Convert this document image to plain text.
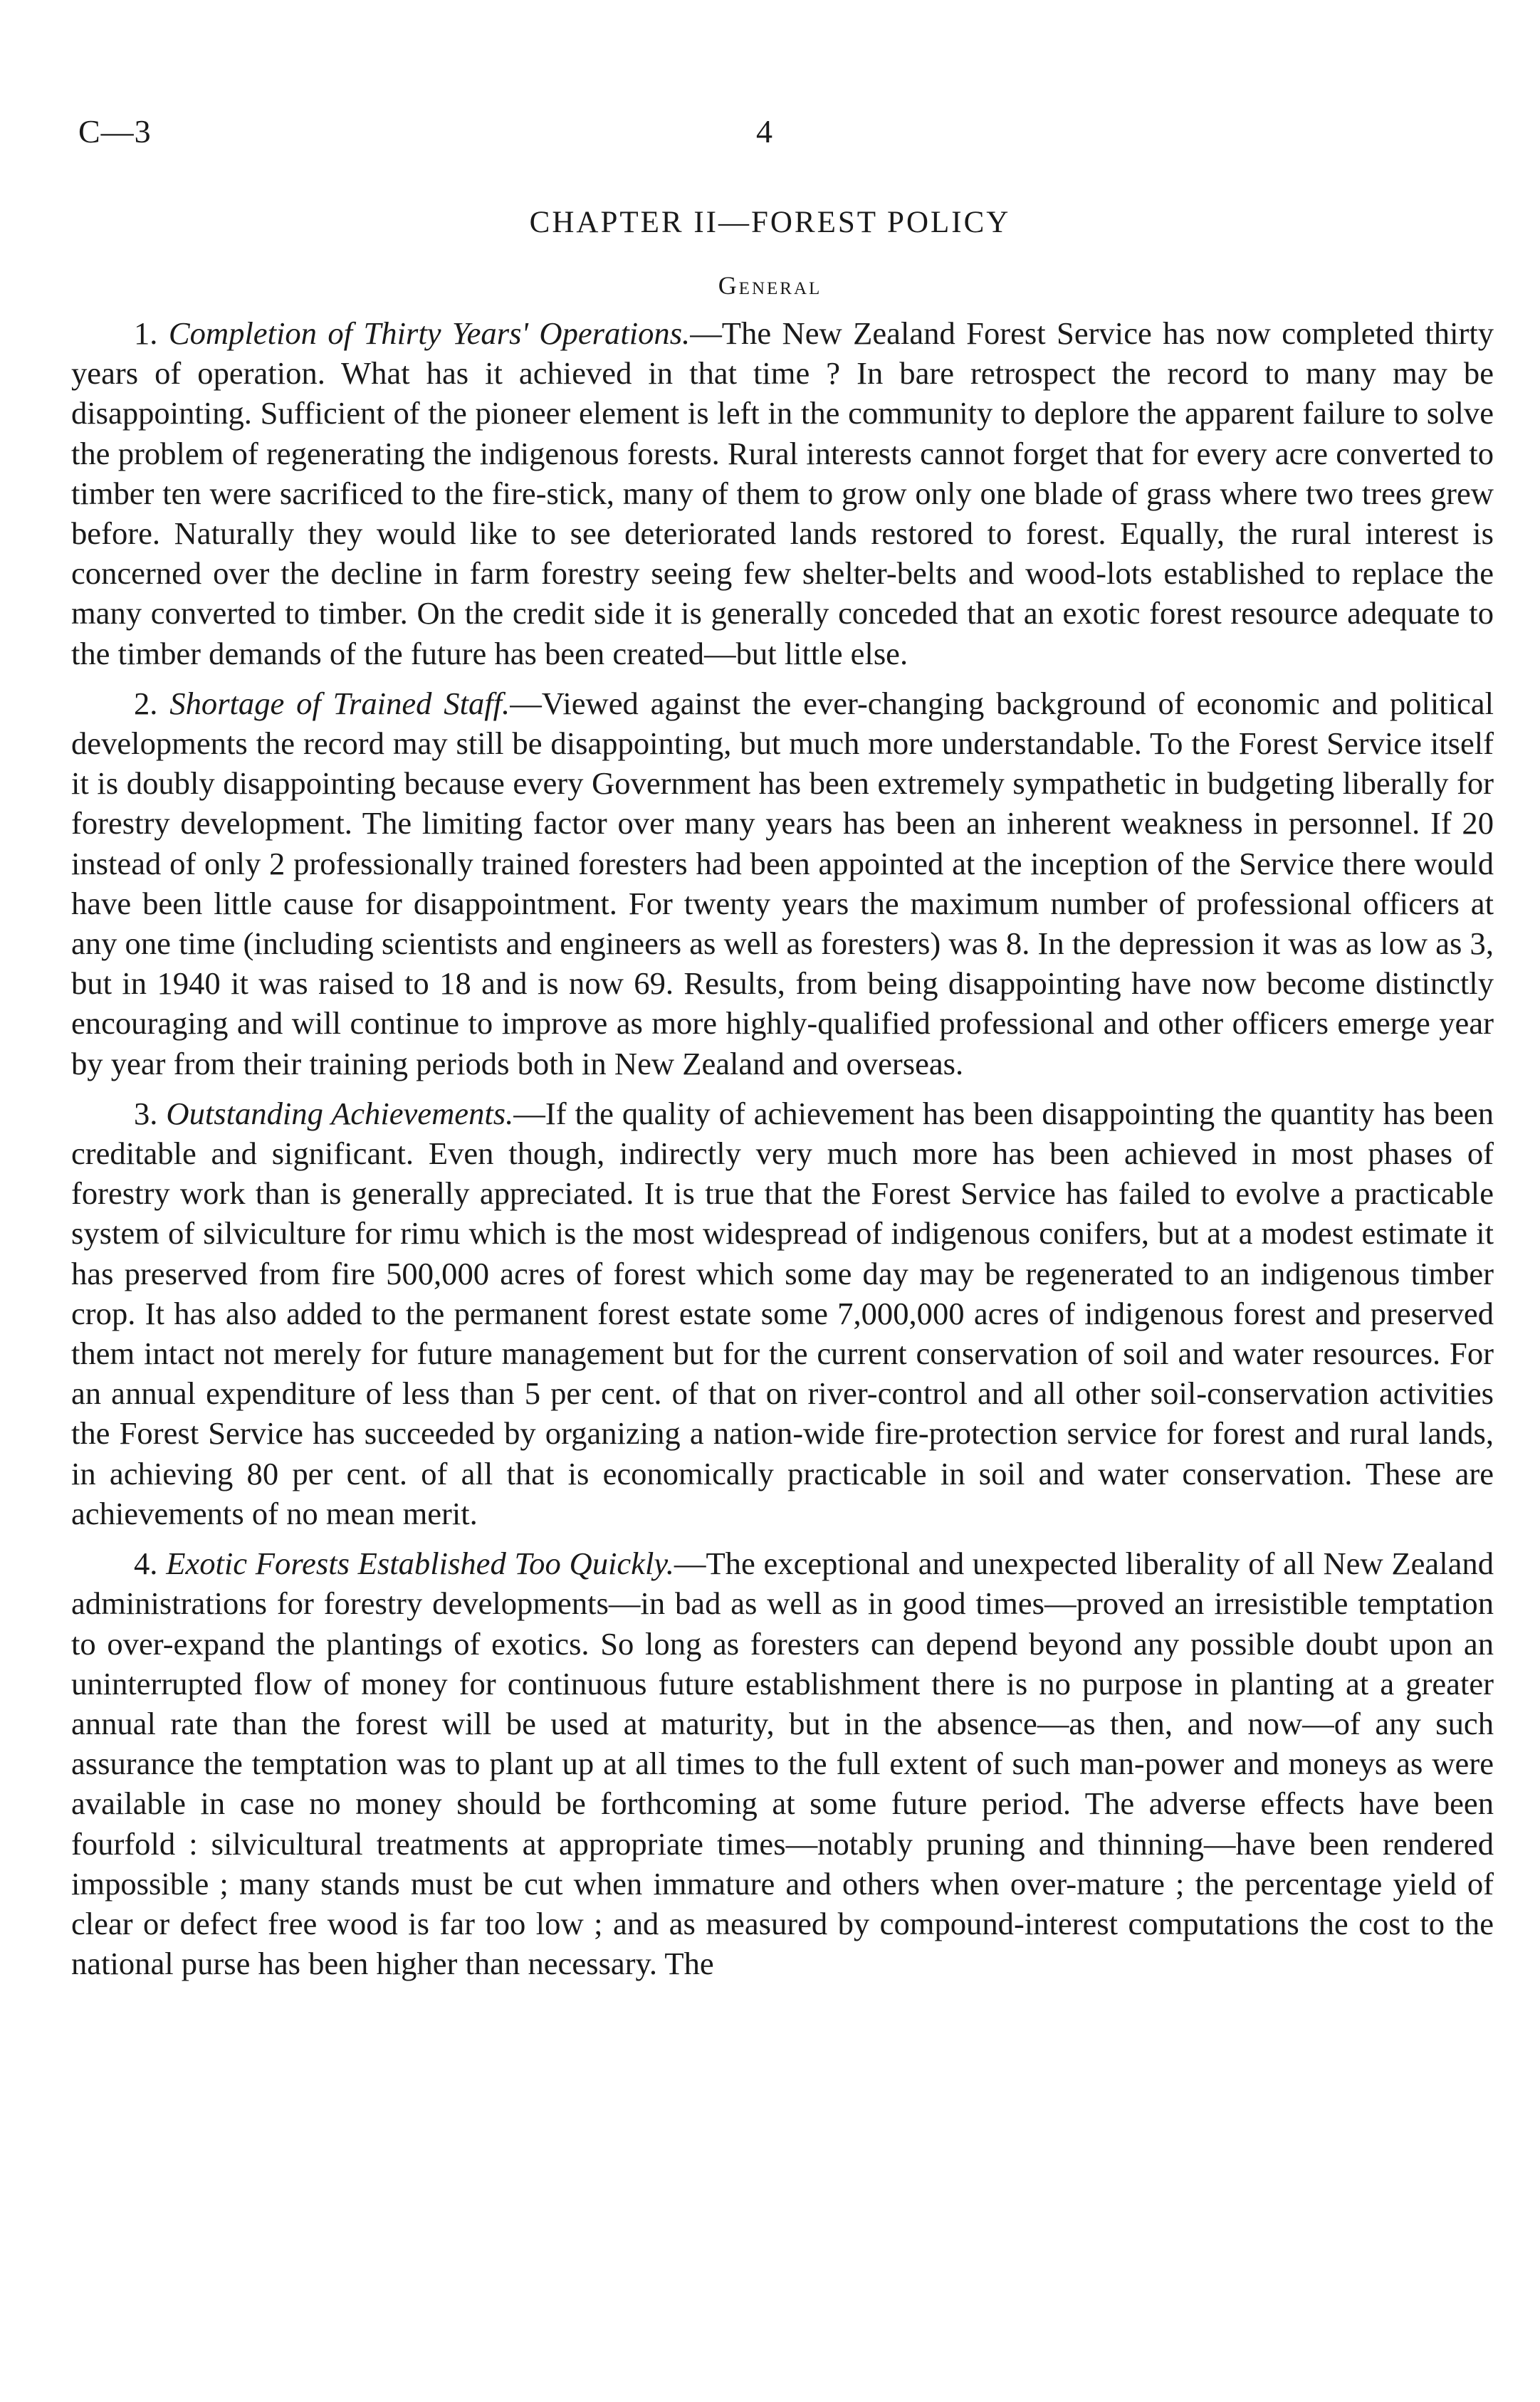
C—3	4
CHAPTER II—FOREST POLICY
General

1. Completion of Thirty Years' Operations.—The New Zealand Forest Service has now completed thirty years of operation. What has it achieved in that time ? In bare retrospect the record to many may be disappointing. Sufficient of the pioneer element is left in the community to deplore the apparent failure to solve the problem of regenerating the indigenous forests. Rural interests cannot forget that for every acre converted to timber ten were sacrificed to the fire-stick, many of them to grow only one blade of grass where two trees grew before. Naturally they would like to see deteriorated lands restored to forest. Equally, the rural interest is concerned over the decline in farm forestry seeing few shelter-belts and wood-lots established to replace the many converted to timber. On the credit side it is generally conceded that an exotic forest resource adequate to the timber demands of the future has been created—but little else.

2. Shortage of Trained Staff.—Viewed against the ever-changing background of economic and political developments the record may still be disappointing, but much more understandable. To the Forest Service itself it is doubly disappointing because every Government has been extremely sympathetic in budgeting liberally for forestry development. The limiting factor over many years has been an inherent weakness in personnel. If 20 instead of only 2 professionally trained foresters had been appointed at the inception of the Service there would have been little cause for disappointment. For twenty years the maximum number of professional officers at any one time (including scientists and engineers as well as foresters) was 8. In the depression it was as low as 3, but in 1940 it was raised to 18 and is now 69. Results, from being disappointing have now become distinctly encouraging and will continue to improve as more highly-qualified professional and other officers emerge year by year from their training periods both in New Zealand and overseas.

3. Outstanding Achievements.—If the quality of achievement has been disappointing the quantity has been creditable and significant. Even though, indirectly very much more has been achieved in most phases of forestry work than is generally appreciated. It is true that the Forest Service has failed to evolve a practicable system of silviculture for rimu which is the most widespread of indigenous conifers, but at a modest estimate it has preserved from fire 500,000 acres of forest which some day may be regenerated to an indigenous timber crop. It has also added to the permanent forest estate some 7,000,000 acres of indigenous forest and preserved them intact not merely for future management but for the current conservation of soil and water resources. For an annual expenditure of less than 5 per cent. of that on river-control and all other soil-conservation activities the Forest Service has succeeded by organizing a nation-wide fire-protection service for forest and rural lands, in achieving 80 per cent. of all that is economically practicable in soil and water conservation. These are achievements of no mean merit.

4. Exotic Forests Established Too Quickly.—The exceptional and unexpected liberality of all New Zealand administrations for forestry developments—in bad as well as in good times—proved an irresistible temptation to over-expand the plantings of exotics. So long as foresters can depend beyond any possible doubt upon an uninterrupted flow of money for continuous future establishment there is no purpose in planting at a greater annual rate than the forest will be used at maturity, but in the absence—as then, and now—of any such assurance the temptation was to plant up at all times to the full extent of such man-power and moneys as were available in case no money should be forthcoming at some future period. The adverse effects have been fourfold : silvicultural treatments at appropriate times—notably pruning and thinning—have been rendered impossible ; many stands must be cut when immature and others when over-mature ; the percentage yield of clear or defect free wood is far too low ; and as measured by compound-interest computations the cost to the national purse has been higher than necessary. The
